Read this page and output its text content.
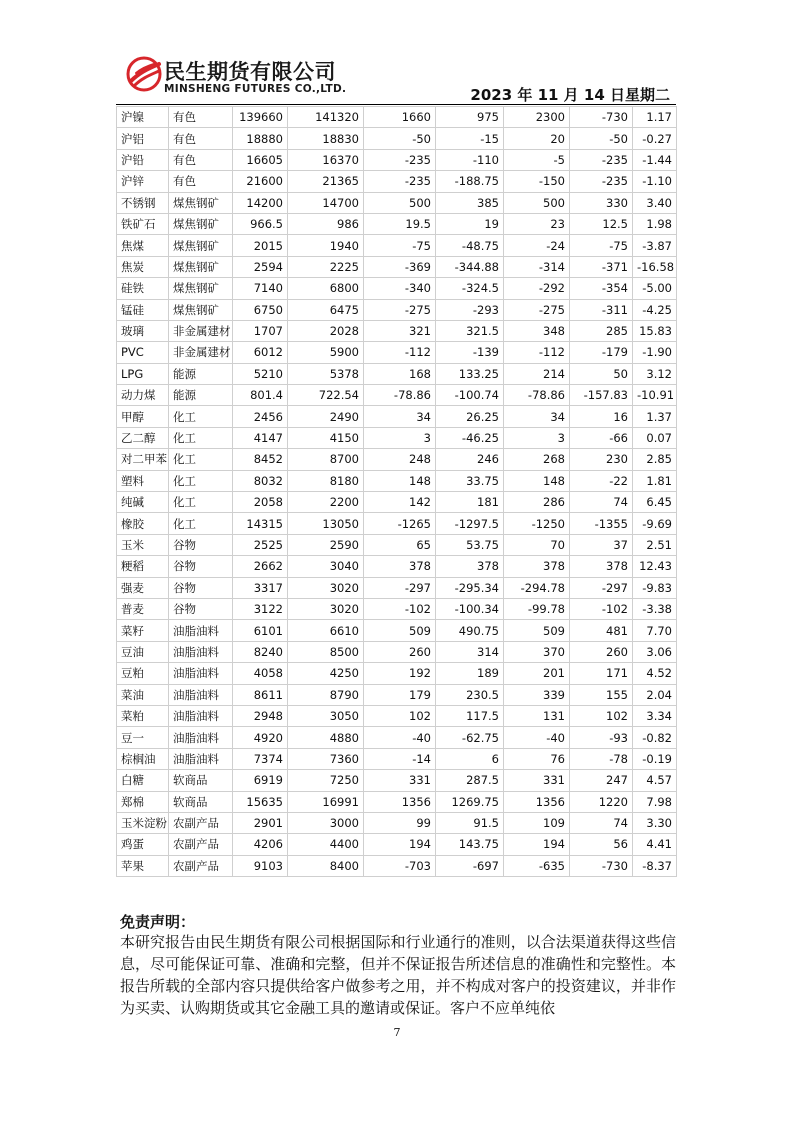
民生期货有限公司
MINSHENG FUTURES CO.,LTD.	2023 年 11 月 14 日星期二
沪镍	有色	139660	141320	1660	975	2300	-730	1.17
沪铝	有色	18880	18830	-50	-15	20	-50	-0.27
沪铅	有色	16605	16370	-235	-110	-5	-235	-1.44
沪锌	有色	21600	21365	-235	-188.75	-150	-235	-1.10
不锈钢	煤焦钢矿	14200	14700	500	385	500	330	3.40
铁矿石	煤焦钢矿	966.5	986	19.5	19	23	12.5	1.98
焦煤	煤焦钢矿	2015	1940	-75	-48.75	-24	-75	-3.87
焦炭	煤焦钢矿	2594	2225	-369	-344.88	-314	-371	-16.58
硅铁	煤焦钢矿	7140	6800	-340	-324.5	-292	-354	-5.00
锰硅	煤焦钢矿	6750	6475	-275	-293	-275	-311	-4.25
玻璃	非金属建材	1707	2028	321	321.5	348	285	15.83
PVC	非金属建材	6012	5900	-112	-139	-112	-179	-1.90
LPG	能源	5210	5378	168	133.25	214	50	3.12
动力煤	能源	801.4	722.54	-78.86	-100.74	-78.86	-157.83	-10.91
甲醇	化工	2456	2490	34	26.25	34	16	1.37
乙二醇	化工	4147	4150	3	-46.25	3	-66	0.07
对二甲苯	化工	8452	8700	248	246	268	230	2.85
塑料	化工	8032	8180	148	33.75	148	-22	1.81
纯碱	化工	2058	2200	142	181	286	74	6.45
橡胶	化工	14315	13050	-1265	-1297.5	-1250	-1355	-9.69
玉米	谷物	2525	2590	65	53.75	70	37	2.51
粳稻	谷物	2662	3040	378	378	378	378	12.43
强麦	谷物	3317	3020	-297	-295.34	-294.78	-297	-9.83
普麦	谷物	3122	3020	-102	-100.34	-99.78	-102	-3.38
菜籽	油脂油料	6101	6610	509	490.75	509	481	7.70
豆油	油脂油料	8240	8500	260	314	370	260	3.06
豆粕	油脂油料	4058	4250	192	189	201	171	4.52
菜油	油脂油料	8611	8790	179	230.5	339	155	2.04
菜粕	油脂油料	2948	3050	102	117.5	131	102	3.34
豆一	油脂油料	4920	4880	-40	-62.75	-40	-93	-0.82
棕榈油	油脂油料	7374	7360	-14	6	76	-78	-0.19
白糖	软商品	6919	7250	331	287.5	331	247	4.57
郑棉	软商品	15635	16991	1356	1269.75	1356	1220	7.98
玉米淀粉	农副产品	2901	3000	99	91.5	109	74	3.30
鸡蛋	农副产品	4206	4400	194	143.75	194	56	4.41
苹果	农副产品	9103	8400	-703	-697	-635	-730	-8.37
免责声明：
本研究报告由民生期货有限公司根据国际和行业通行的准则，以合法渠道获得这些信息，尽可能保证可靠、准确和完整，但并不保证报告所述信息的准确性和完整性。本报告所载的全部内容只提供给客户做参考之用，并不构成对客户的投资建议，并非作为买卖、认购期货或其它金融工具的邀请或保证。客户不应单纯依
7
